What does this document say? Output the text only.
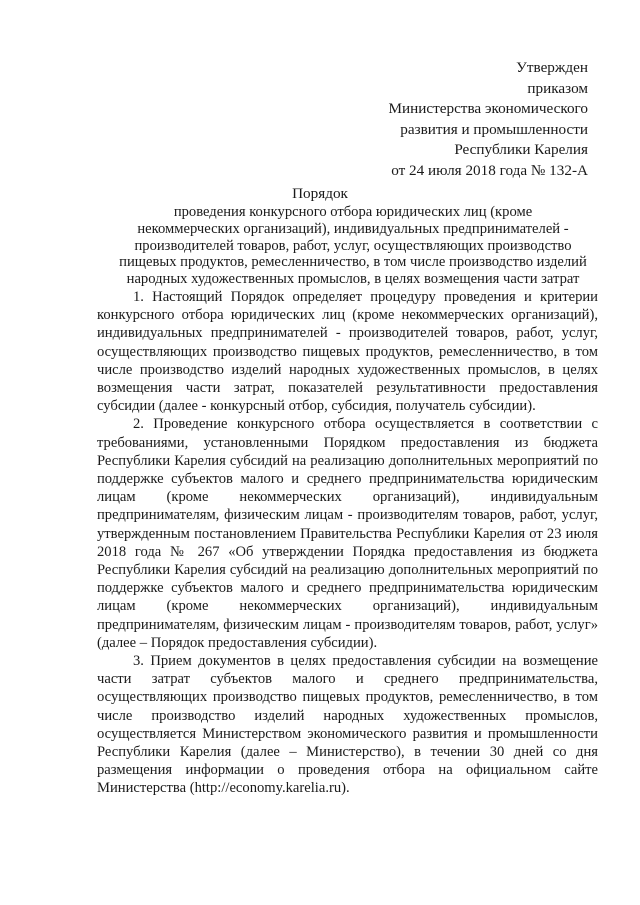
Утвержден
приказом
Министерства экономического
развития и промышленности
Республики Карелия
от 24 июля 2018 года № 132-А
Порядок
проведения конкурсного отбора юридических лиц (кроме
некоммерческих организаций), индивидуальных предпринимателей -
производителей товаров, работ, услуг, осуществляющих производство
пищевых продуктов, ремесленничество, в том числе производство изделий
народных художественных промыслов, в целях возмещения части затрат

1. Настоящий Порядок определяет процедуру проведения и критерии конкурсного отбора юридических лиц (кроме некоммерческих организаций), индивидуальных предпринимателей - производителей товаров, работ, услуг, осуществляющих производство пищевых продуктов, ремесленничество, в том числе производство изделий народных художественных промыслов, в целях возмещения части затрат, показателей результативности предоставления субсидии (далее - конкурсный отбор, субсидия, получатель субсидии).

2. Проведение конкурсного отбора осуществляется в соответствии с требованиями, установленными Порядком предоставления из бюджета Республики Карелия субсидий на реализацию дополнительных мероприятий по поддержке субъектов малого и среднего предпринимательства юридическим лицам (кроме некоммерческих организаций), индивидуальным предпринимателям, физическим лицам - производителям товаров, работ, услуг, утвержденным постановлением Правительства Республики Карелия от 23 июля 2018 года № 267 «Об утверждении Порядка предоставления из бюджета Республики Карелия субсидий на реализацию дополнительных мероприятий по поддержке субъектов малого и среднего предпринимательства юридическим лицам (кроме некоммерческих организаций), индивидуальным предпринимателям, физическим лицам - производителям товаров, работ, услуг» (далее – Порядок предоставления субсидии).

3. Прием документов в целях предоставления субсидии на возмещение части затрат субъектов малого и среднего предпринимательства, осуществляющих производство пищевых продуктов, ремесленничество, в том числе производство изделий народных художественных промыслов, осуществляется Министерством экономического развития и промышленности Республики Карелия (далее – Министерство), в течении 30 дней со дня размещения информации о проведения отбора на официальном сайте Министерства (http://economy.karelia.ru).
